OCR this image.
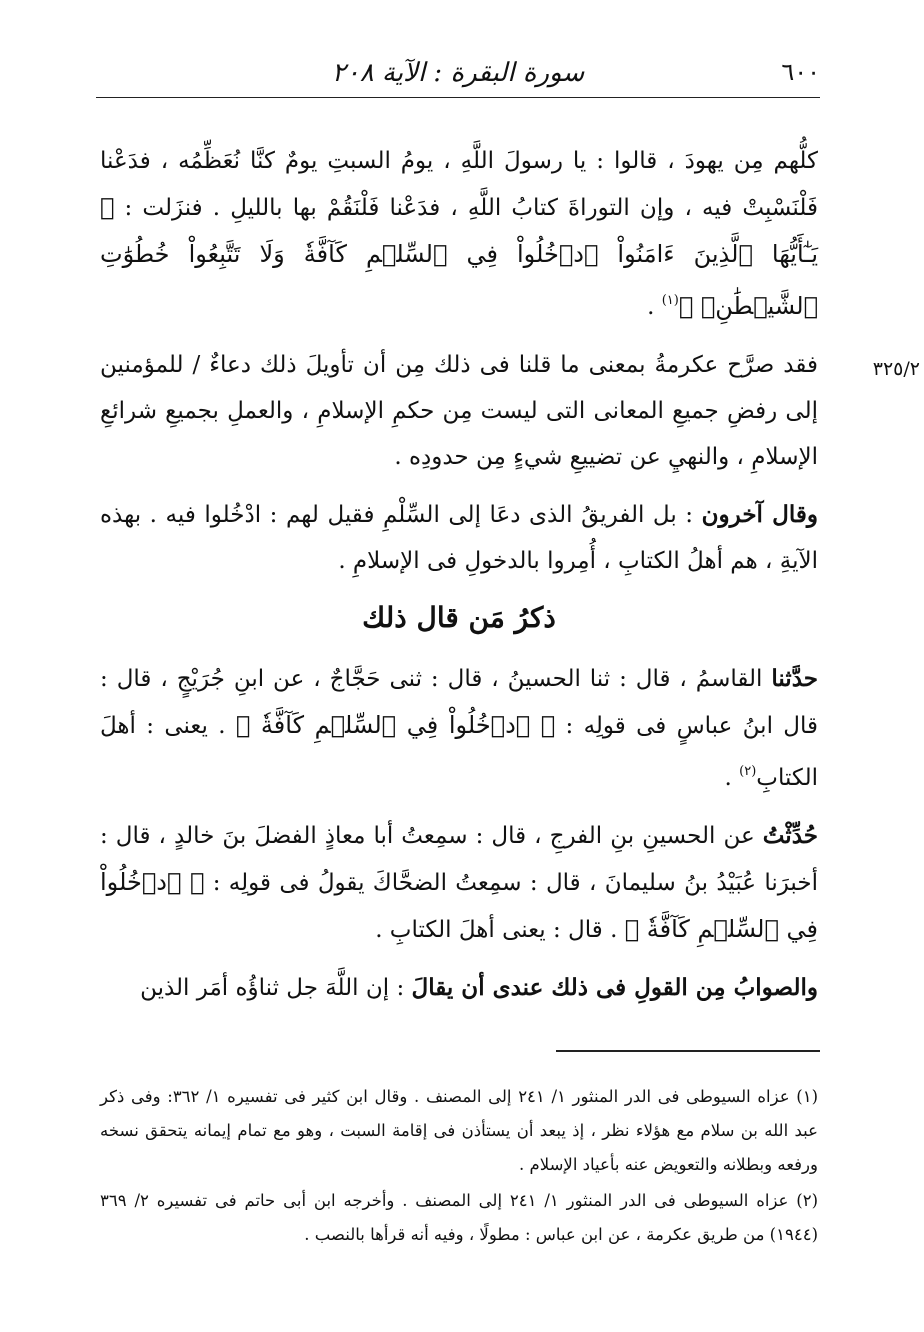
سورة البقرة : الآية ٢٠٨	٦٠٠

كلُّهم مِن يهودَ ، قالوا : يا رسولَ اللَّهِ ، يومُ السبتِ يومٌ كنَّا نُعَظِّمُه ، فدَعْنا فَلْنَسْبِتْ فيه ، وإن التوراةَ كتابُ اللَّهِ ، فدَعْنا فَلْنَقُمْ بها بالليلِ . فنزَلت : ﴿ يَـٰٓأَيُّهَا ٱلَّذِينَ ءَامَنُواْ ٱدۡخُلُواْ فِي ٱلسِّلۡمِ كَآفَّةٗ وَلَا تَتَّبِعُواْ خُطُوَٰتِ ٱلشَّيۡطَٰنِۚ ﴾$^{(١)}$ .

٣٢٥/٢

فقد صرَّح عكرمةُ بمعنى ما قلنا فى ذلك مِن أن تأويلَ ذلك دعاءٌ / للمؤمنين إلى رفضِ جميعِ المعانى التى ليست مِن حكمِ الإسلامِ ، والعملِ بجميعِ شرائعِ الإسلامِ ، والنهيِ عن تضييعِ شيءٍ مِن حدودِه .

وقال آخرون : بل الفريقُ الذى دعَا إلى السِّلْمِ فقيل لهم : ادْخُلوا فيه . بهذه الآيةِ ، هم أهلُ الكتابِ ، أُمِروا بالدخولِ فى الإسلامِ .

ذكرُ مَن قال ذلك

حدَّثنا القاسمُ ، قال : ثنا الحسينُ ، قال : ثنى حَجَّاجٌ ، عن ابنِ جُرَيْجٍ ، قال : قال ابنُ عباسٍ فى قولِه : ﴿ ٱدۡخُلُواْ فِي ٱلسِّلۡمِ كَآفَّةٗ ﴾ . يعنى : أهلَ الكتابِ$^{(٢)}$ .

حُدِّثْتُ عن الحسينِ بنِ الفرجِ ، قال : سمِعتُ أبا معاذٍ الفضلَ بنَ خالدٍ ، قال : أخبرَنا عُبَيْدُ بنُ سليمانَ ، قال : سمِعتُ الضحَّاكَ يقولُ فى قولِه : ﴿ ٱدۡخُلُواْ فِي ٱلسِّلۡمِ كَآفَّةٗ ﴾ . قال : يعنى أهلَ الكتابِ .

والصوابُ مِن القولِ فى ذلك عندى أن يقالَ : إن اللَّهَ جل ثناؤُه أمَر الذين

(١) عزاه السيوطى فى الدر المنثور ١/ ٢٤١ إلى المصنف . وقال ابن كثير فى تفسيره ١/ ٣٦٢: وفى ذكر عبد الله بن سلام مع هؤلاء نظر ، إذ يبعد أن يستأذن فى إقامة السبت ، وهو مع تمام إيمانه يتحقق نسخه ورفعه وبطلانه والتعويض عنه بأعياد الإسلام .

(٢) عزاه السيوطى فى الدر المنثور ١/ ٢٤١ إلى المصنف . وأخرجه ابن أبى حاتم فى تفسيره ٢/ ٣٦٩ (١٩٤٤) من طريق عكرمة ، عن ابن عباس : مطولًا ، وفيه أنه قرأها بالنصب .
